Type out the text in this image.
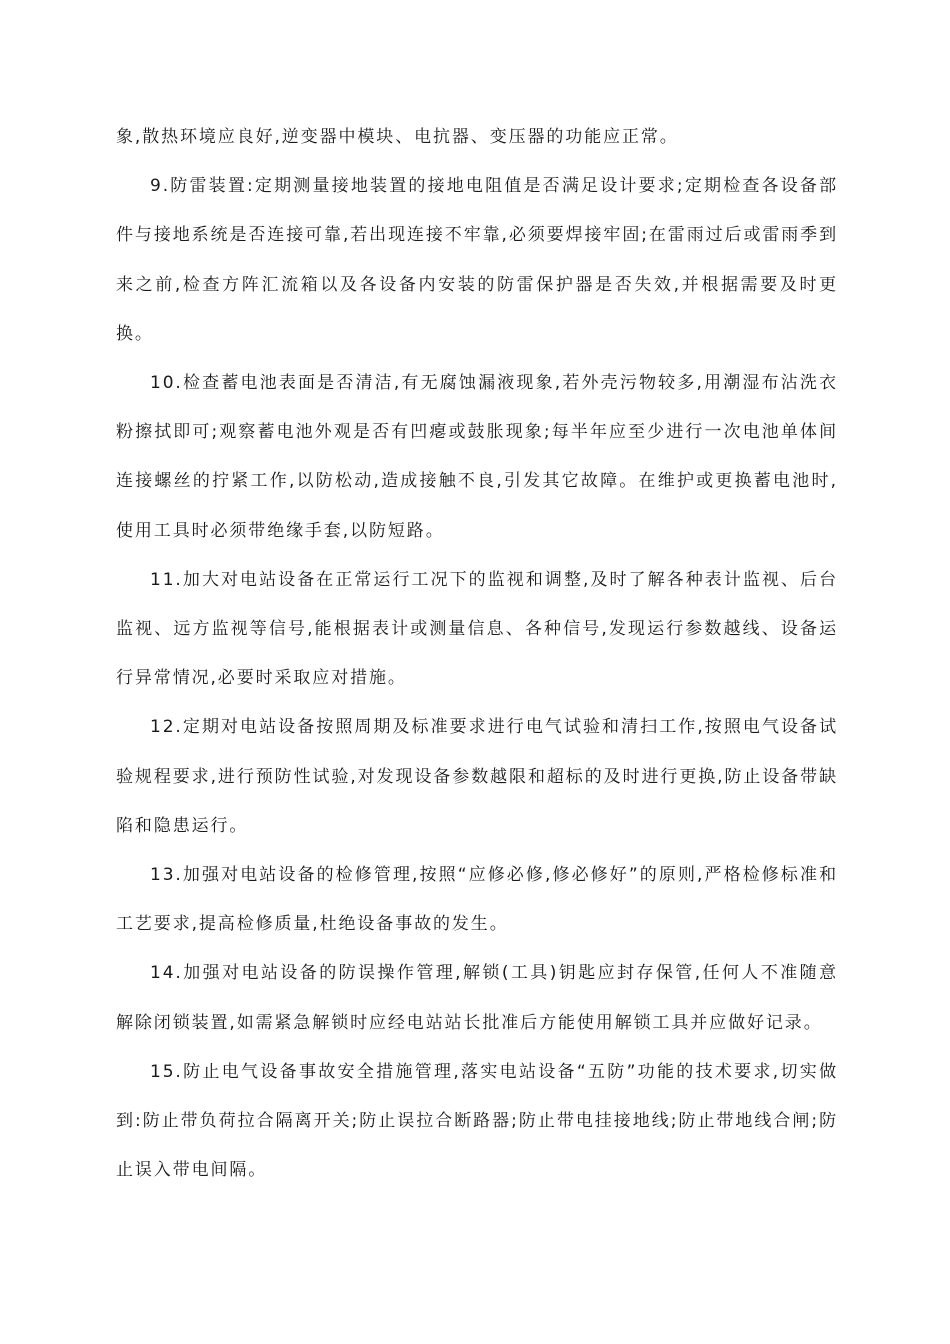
象,散热环境应良好,逆变器中模块、电抗器、变压器的功能应正常。

9.防雷装置:定期测量接地装置的接地电阻值是否满足设计要求;定期检查各设备部件与接地系统是否连接可靠,若出现连接不牢靠,必须要焊接牢固;在雷雨过后或雷雨季到来之前,检查方阵汇流箱以及各设备内安装的防雷保护器是否失效,并根据需要及时更换。

10.检查蓄电池表面是否清洁,有无腐蚀漏液现象,若外壳污物较多,用潮湿布沾洗衣粉擦拭即可;观察蓄电池外观是否有凹瘪或鼓胀现象;每半年应至少进行一次电池单体间连接螺丝的拧紧工作,以防松动,造成接触不良,引发其它故障。在维护或更换蓄电池时,使用工具时必须带绝缘手套,以防短路。

11.加大对电站设备在正常运行工况下的监视和调整,及时了解各种表计监视、后台监视、远方监视等信号,能根据表计或测量信息、各种信号,发现运行参数越线、设备运行异常情况,必要时采取应对措施。

12.定期对电站设备按照周期及标准要求进行电气试验和清扫工作,按照电气设备试验规程要求,进行预防性试验,对发现设备参数越限和超标的及时进行更换,防止设备带缺陷和隐患运行。

13.加强对电站设备的检修管理,按照“应修必修,修必修好”的原则,严格检修标准和工艺要求,提高检修质量,杜绝设备事故的发生。

14.加强对电站设备的防误操作管理,解锁(工具)钥匙应封存保管,任何人不准随意解除闭锁装置,如需紧急解锁时应经电站站长批准后方能使用解锁工具并应做好记录。

15.防止电气设备事故安全措施管理,落实电站设备“五防”功能的技术要求,切实做到:防止带负荷拉合隔离开关;防止误拉合断路器;防止带电挂接地线;防止带地线合闸;防止误入带电间隔。
